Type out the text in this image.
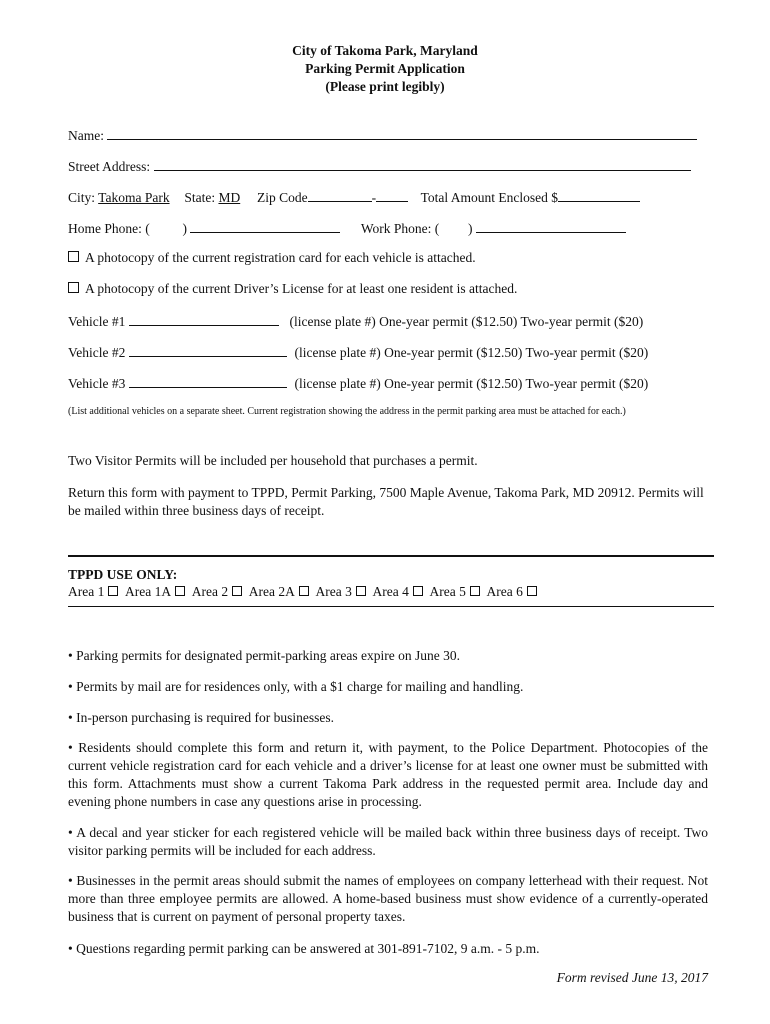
City of Takoma Park, Maryland
Parking Permit Application
(Please print legibly)
Name:
Street Address:
City: Takoma Park State: MD Zip Code	-	Total Amount Enclosed $
Home Phone: ( )	Work Phone: ( )
A photocopy of the current registration card for each vehicle is attached.
A photocopy of the current Driver’s License for at least one resident is attached.
Vehicle #1	(license plate #) One-year permit ($12.50) Two-year permit ($20)
Vehicle #2	(license plate #) One-year permit ($12.50) Two-year permit ($20)
Vehicle #3	(license plate #) One-year permit ($12.50) Two-year permit ($20)
(List additional vehicles on a separate sheet. Current registration showing the address in the permit parking area must be attached for each.)
Two Visitor Permits will be included per household that purchases a permit.
Return this form with payment to TPPD, Permit Parking, 7500 Maple Avenue, Takoma Park, MD 20912. Permits will be mailed within three business days of receipt.
TPPD USE ONLY:
Area 1 Area 1A Area 2 Area 2A Area 3 Area 4 Area 5 Area 6
• Parking permits for designated permit-parking areas expire on June 30.
• Permits by mail are for residences only, with a $1 charge for mailing and handling.
• In-person purchasing is required for businesses.
• Residents should complete this form and return it, with payment, to the Police Department. Photocopies of the current vehicle registration card for each vehicle and a driver’s license for at least one owner must be submitted with this form. Attachments must show a current Takoma Park address in the requested permit area. Include day and evening phone numbers in case any questions arise in processing.
• A decal and year sticker for each registered vehicle will be mailed back within three business days of receipt. Two visitor parking permits will be included for each address.
• Businesses in the permit areas should submit the names of employees on company letterhead with their request. Not more than three employee permits are allowed. A home-based business must show evidence of a currently-operated business that is current on payment of personal property taxes.
• Questions regarding permit parking can be answered at 301-891-7102, 9 a.m. - 5 p.m.
Form revised June 13, 2017
